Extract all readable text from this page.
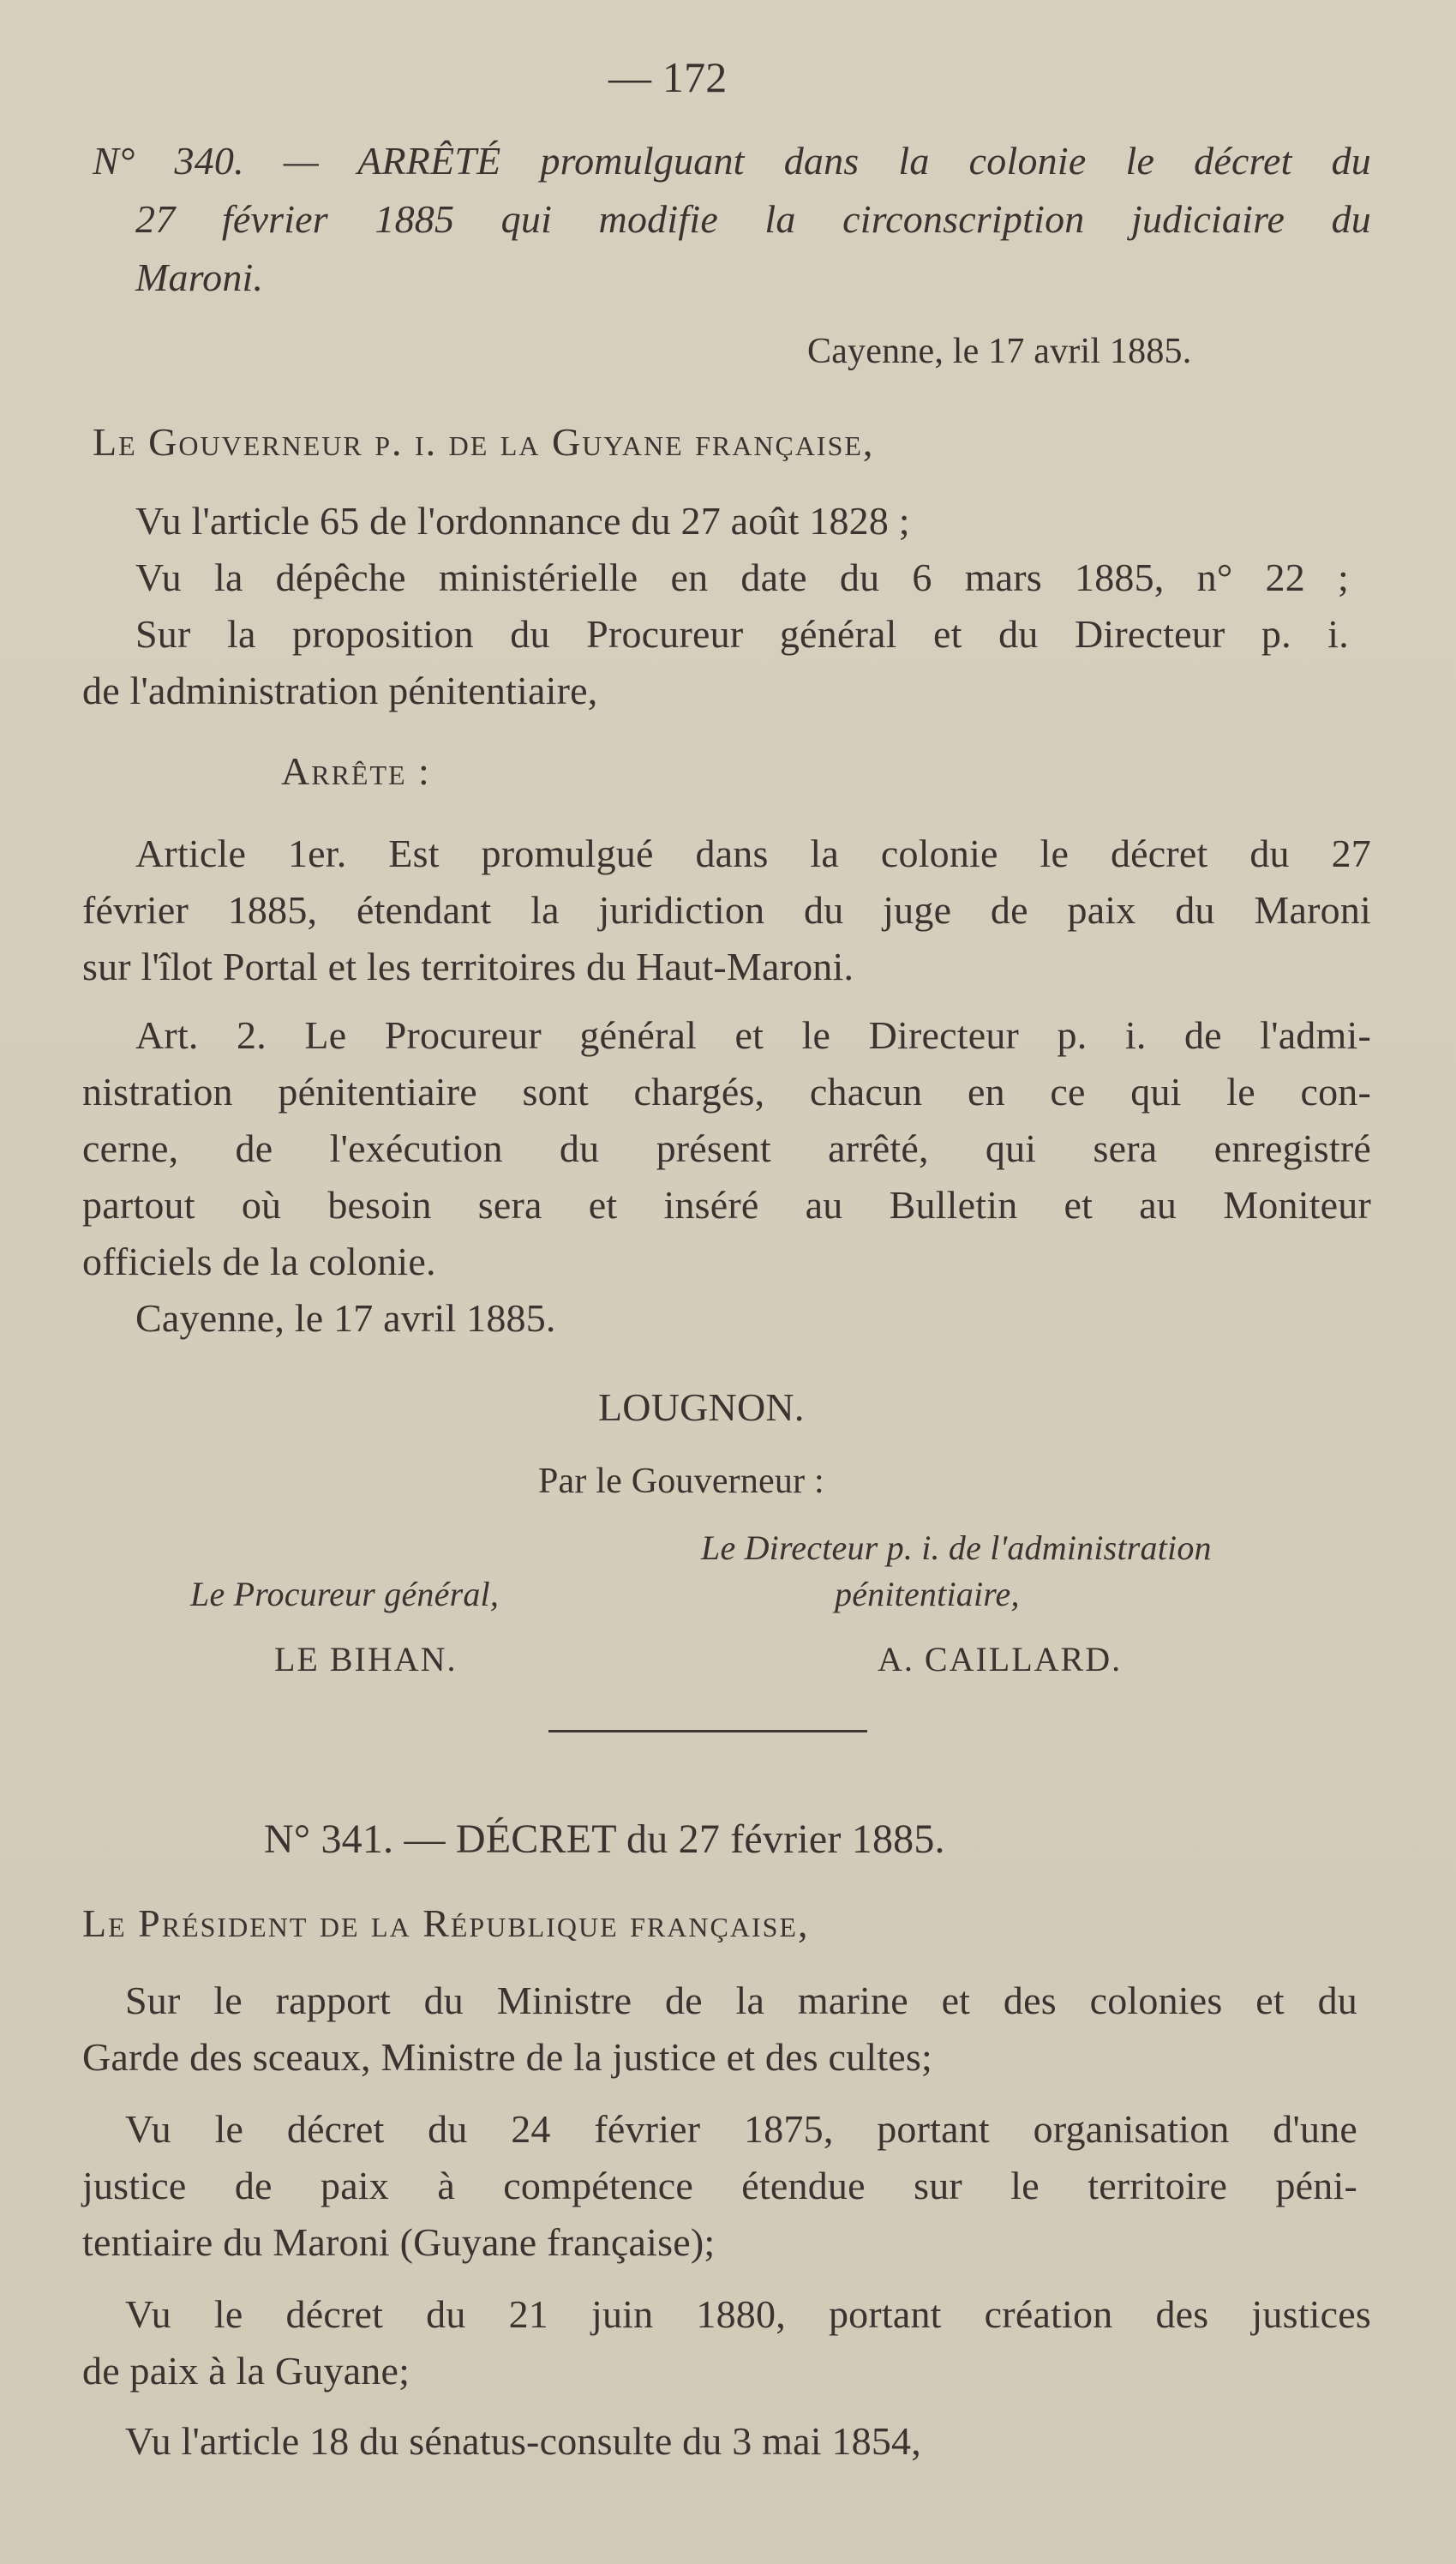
— 172
N° 340. — ARRÊTÉ promulguant dans la colonie le décret du
27 février 1885 qui modifie la circonscription judiciaire du
Maroni.
Cayenne, le 17 avril 1885.
Le Gouverneur p. i. de la Guyane française,
Vu l'article 65 de l'ordonnance du 27 août 1828 ;
Vu la dépêche ministérielle en date du 6 mars 1885, n° 22 ;
Sur la proposition du Procureur général et du Directeur p. i.
de l'administration pénitentiaire,
Arrête :
Article 1er. Est promulgué dans la colonie le décret du 27
février 1885, étendant la juridiction du juge de paix du Maroni
sur l'îlot Portal et les territoires du Haut-Maroni.
Art. 2. Le Procureur général et le Directeur p. i. de l'admi-
nistration pénitentiaire sont chargés, chacun en ce qui le con-
cerne, de l'exécution du présent arrêté, qui sera enregistré
partout où besoin sera et inséré au Bulletin et au Moniteur
officiels de la colonie.
Cayenne, le 17 avril 1885.
LOUGNON.
Par le Gouverneur :
Le Directeur p. i. de l'administration
Le Procureur général,	pénitentiaire,
LE BIHAN.	A. CAILLARD.
N° 341. — DÉCRET du 27 février 1885.
Le Président de la République française,
Sur le rapport du Ministre de la marine et des colonies et du
Garde des sceaux, Ministre de la justice et des cultes;
Vu le décret du 24 février 1875, portant organisation d'une
justice de paix à compétence étendue sur le territoire péni-
tentiaire du Maroni (Guyane française);
Vu le décret du 21 juin 1880, portant création des justices
de paix à la Guyane;
Vu l'article 18 du sénatus-consulte du 3 mai 1854,
